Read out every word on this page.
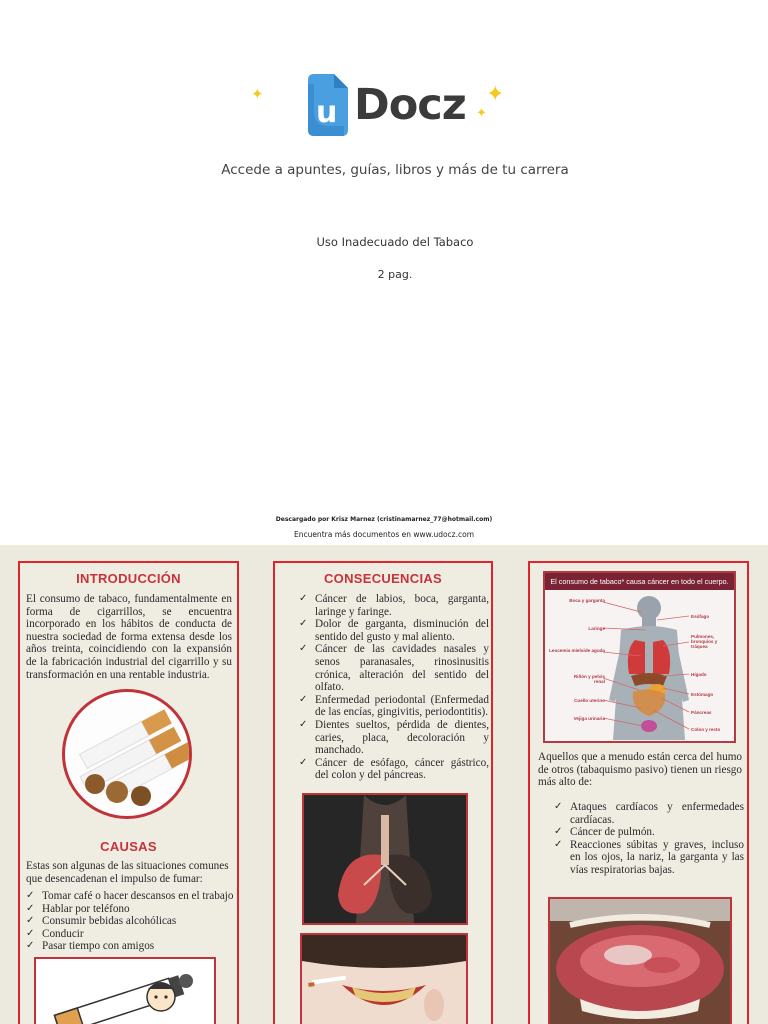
✦
u Docz ✦
✦
Accede a apuntes, guías, libros y más de tu carrera
Uso Inadecuado del Tabaco
2 pag.
Descargado por Krisz Marnez (cristinamarnez_77@hotmail.com)
Encuentra más documentos en www.udocz.com
INTRODUCCIÓN
El consumo de tabaco, fundamentalmente en forma de cigarrillos, se encuentra incorporado en los hábitos de conducta de nuestra sociedad de forma extensa desde los años treinta, coincidiendo con la expansión de la fabricación industrial del cigarrillo y su transformación en una rentable industria.
CAUSAS
Estas son algunas de las situaciones comunes que desencadenan el impulso de fumar:
✓ Tomar café o hacer descansos en el trabajo
✓ Hablar por teléfono
✓ Consumir bebidas alcohólicas
✓ Conducir
✓ Pasar tiempo con amigos
CONSECUENCIAS
✓ Cáncer de labios, boca, garganta, laringe y faringe.
✓ Dolor de garganta, disminución del sentido del gusto y mal aliento.
✓ Cáncer de las cavidades nasales y senos paranasales, rinosinusitis crónica, alteración del sentido del olfato.
✓ Enfermedad periodontal (Enfermedad de las encías, gingivitis, periodontitis).
✓ Dientes sueltos, pérdida de dientes, caries, placa, decoloración y manchado.
✓ Cáncer de esófago, cáncer gástrico, del colon y del páncreas.
El consumo de tabaco* causa cáncer en todo el cuerpo.
Boca y garganta
Laringe
Leucemia mieloide aguda
Riñón y pelvis renal
Cuello uterino
Vejiga urinaria
Esófago
Pulmones, bronquios y tráquea
Hígado
Estómago
Páncreas
Colon y recto
Aquellos que a menudo están cerca del humo de otros (tabaquismo pasivo) tienen un riesgo más alto de:
✓ Ataques cardíacos y enfermedades cardíacas.
✓ Cáncer de pulmón.
✓ Reacciones súbitas y graves, incluso en los ojos, la nariz, la garganta y las vías respiratorias bajas.
